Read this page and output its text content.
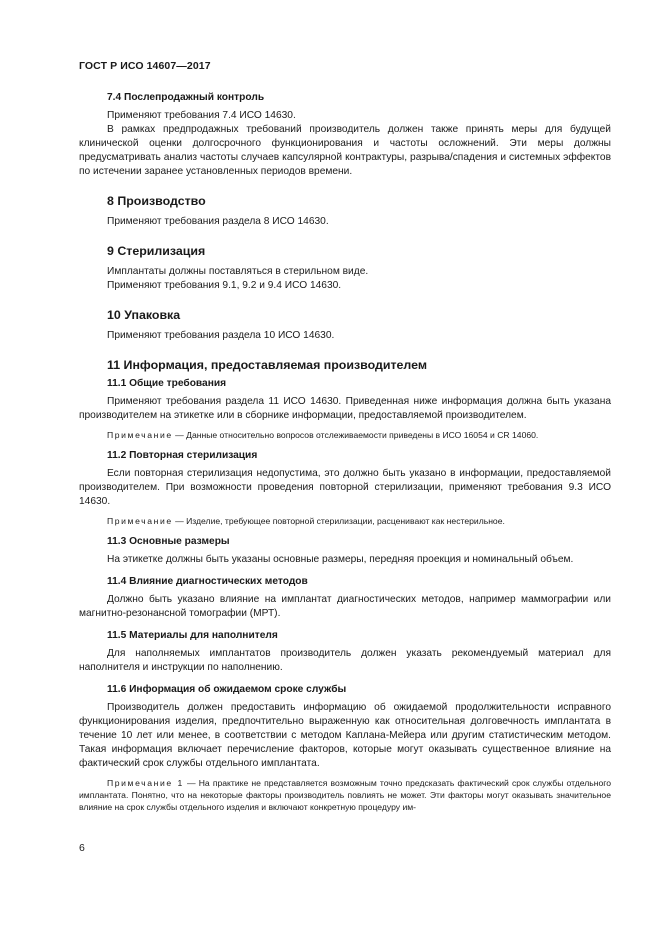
ГОСТ Р ИСО 14607—2017
7.4 Послепродажный контроль

Применяют требования 7.4 ИСО 14630.

В рамках предпродажных требований производитель должен также принять меры для будущей клинической оценки долгосрочного функционирования и частоты осложнений. Эти меры должны предусматривать анализ частоты случаев капсулярной контрактуры, разрыва/спадения и системных эффектов по истечении заранее установленных периодов времени.

8 Производство

Применяют требования раздела 8 ИСО 14630.

9 Стерилизация

Имплантаты должны поставляться в стерильном виде.

Применяют требования 9.1, 9.2 и 9.4 ИСО 14630.

10 Упаковка

Применяют требования раздела 10 ИСО 14630.

11 Информация, предоставляемая производителем
11.1 Общие требования

Применяют требования раздела 11 ИСО 14630. Приведенная ниже информация должна быть указана производителем на этикетке или в сборнике информации, предоставляемой производителем.

Примечание — Данные относительно вопросов отслеживаемости приведены в ИСО 16054 и CR 14060.

11.2 Повторная стерилизация

Если повторная стерилизация недопустима, это должно быть указано в информации, предоставляемой производителем. При возможности проведения повторной стерилизации, применяют требования 9.3 ИСО 14630.

Примечание — Изделие, требующее повторной стерилизации, расценивают как нестерильное.

11.3 Основные размеры

На этикетке должны быть указаны основные размеры, передняя проекция и номинальный объем.

11.4 Влияние диагностических методов

Должно быть указано влияние на имплантат диагностических методов, например маммографии или магнитно-резонансной томографии (МРТ).

11.5 Материалы для наполнителя

Для наполняемых имплантатов производитель должен указать рекомендуемый материал для наполнителя и инструкции по наполнению.

11.6 Информация об ожидаемом сроке службы

Производитель должен предоставить информацию об ожидаемой продолжительности исправного функционирования изделия, предпочтительно выраженную как относительная долговечность имплантата в течение 10 лет или менее, в соответствии с методом Каплана-Мейера или другим статистическим методом. Такая информация включает перечисление факторов, которые могут оказывать существенное влияние на фактический срок службы отдельного имплантата.

Примечание 1 — На практике не представляется возможным точно предсказать фактический срок службы отдельного имплантата. Понятно, что на некоторые факторы производитель повлиять не может. Эти факторы могут оказывать значительное влияние на срок службы отдельного изделия и включают конкретную процедуру им-

6
